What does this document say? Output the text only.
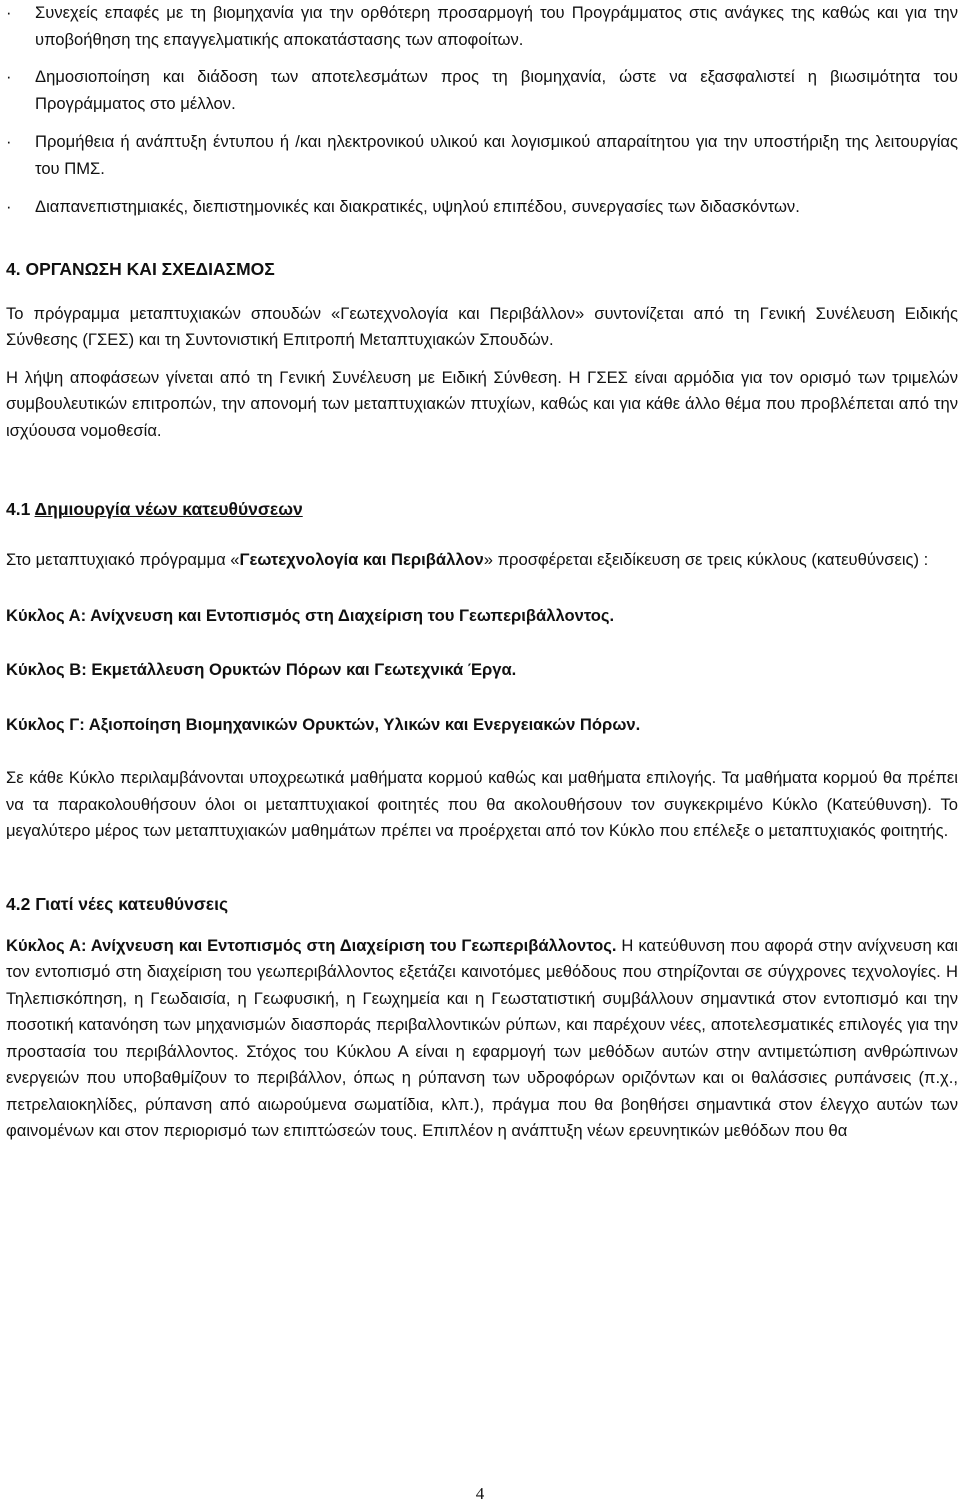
· Συνεχείς επαφές με τη βιομηχανία για την ορθότερη προσαρμογή του Προγράμματος στις ανάγκες της καθώς και για την υποβοήθηση της επαγγελματικής αποκατάστασης των αποφοίτων.

· Δημοσιοποίηση και διάδοση των αποτελεσμάτων προς τη βιομηχανία, ώστε να εξασφαλιστεί η βιωσιμότητα του Προγράμματος στο μέλλον.

· Προμήθεια ή ανάπτυξη έντυπου ή /και ηλεκτρονικού υλικού και λογισμικού απαραίτητου για την υποστήριξη της λειτουργίας του ΠΜΣ.

· Διαπανεπιστημιακές, διεπιστημονικές και διακρατικές, υψηλού επιπέδου, συνεργασίες των διδασκόντων.

4. ΟΡΓΑΝΩΣΗ ΚΑΙ ΣΧΕΔΙΑΣΜΟΣ

Το πρόγραμμα μεταπτυχιακών σπουδών «Γεωτεχνολογία και Περιβάλλον» συντονίζεται από τη Γενική Συνέλευση Ειδικής Σύνθεσης (ΓΣΕΣ) και τη Συντονιστική Επιτροπή Μεταπτυχιακών Σπουδών.

Η λήψη αποφάσεων γίνεται από τη Γενική Συνέλευση με Ειδική Σύνθεση. Η ΓΣΕΣ είναι αρμόδια για τον ορισμό των τριμελών συμβουλευτικών επιτροπών, την απονομή των μεταπτυχιακών πτυχίων, καθώς και για κάθε άλλο θέμα που προβλέπεται από την ισχύουσα νομοθεσία.

4.1 Δημιουργία νέων κατευθύνσεων

Στο μεταπτυχιακό πρόγραμμα «Γεωτεχνολογία και Περιβάλλον» προσφέρεται εξειδίκευση σε τρεις κύκλους (κατευθύνσεις) :

Κύκλος Α: Ανίχνευση και Εντοπισμός στη Διαχείριση του Γεωπεριβάλλοντος.

Κύκλος Β: Εκμετάλλευση Ορυκτών Πόρων και Γεωτεχνικά Έργα.

Κύκλος Γ: Αξιοποίηση Βιομηχανικών Ορυκτών, Υλικών και Ενεργειακών Πόρων.

Σε κάθε Κύκλο περιλαμβάνονται υποχρεωτικά μαθήματα κορμού καθώς και μαθήματα επιλογής. Τα μαθήματα κορμού θα πρέπει να τα παρακολουθήσουν όλοι οι μεταπτυχιακοί φοιτητές που θα ακολουθήσουν τον συγκεκριμένο Κύκλο (Κατεύθυνση). Το μεγαλύτερο μέρος των μεταπτυχιακών μαθημάτων πρέπει να προέρχεται από τον Κύκλο που επέλεξε ο μεταπτυχιακός φοιτητής.

4.2 Γιατί νέες κατευθύνσεις

Κύκλος Α: Ανίχνευση και Εντοπισμός στη Διαχείριση του Γεωπεριβάλλοντος. Η κατεύθυνση που αφορά στην ανίχνευση και τον εντοπισμό στη διαχείριση του γεωπεριβάλλοντος εξετάζει καινοτόμες μεθόδους που στηρίζονται σε σύγχρονες τεχνολογίες. Η Τηλεπισκόπηση, η Γεωδαισία, η Γεωφυσική, η Γεωχημεία και η Γεωστατιστική συμβάλλουν σημαντικά στον εντοπισμό και την ποσοτική κατανόηση των μηχανισμών διασποράς περιβαλλοντικών ρύπων, και παρέχουν νέες, αποτελεσματικές επιλογές για την προστασία του περιβάλλοντος. Στόχος του Κύκλου Α είναι η εφαρμογή των μεθόδων αυτών στην αντιμετώπιση ανθρώπινων ενεργειών που υποβαθμίζουν το περιβάλλον, όπως η ρύπανση των υδροφόρων οριζόντων και οι θαλάσσιες ρυπάνσεις (π.χ., πετρελαιοκηλίδες, ρύπανση από αιωρούμενα σωματίδια, κλπ.), πράγμα που θα βοηθήσει σημαντικά στον έλεγχο αυτών των φαινομένων και στον περιορισμό των επιπτώσεών τους. Επιπλέον η ανάπτυξη νέων ερευνητικών μεθόδων που θα

4
